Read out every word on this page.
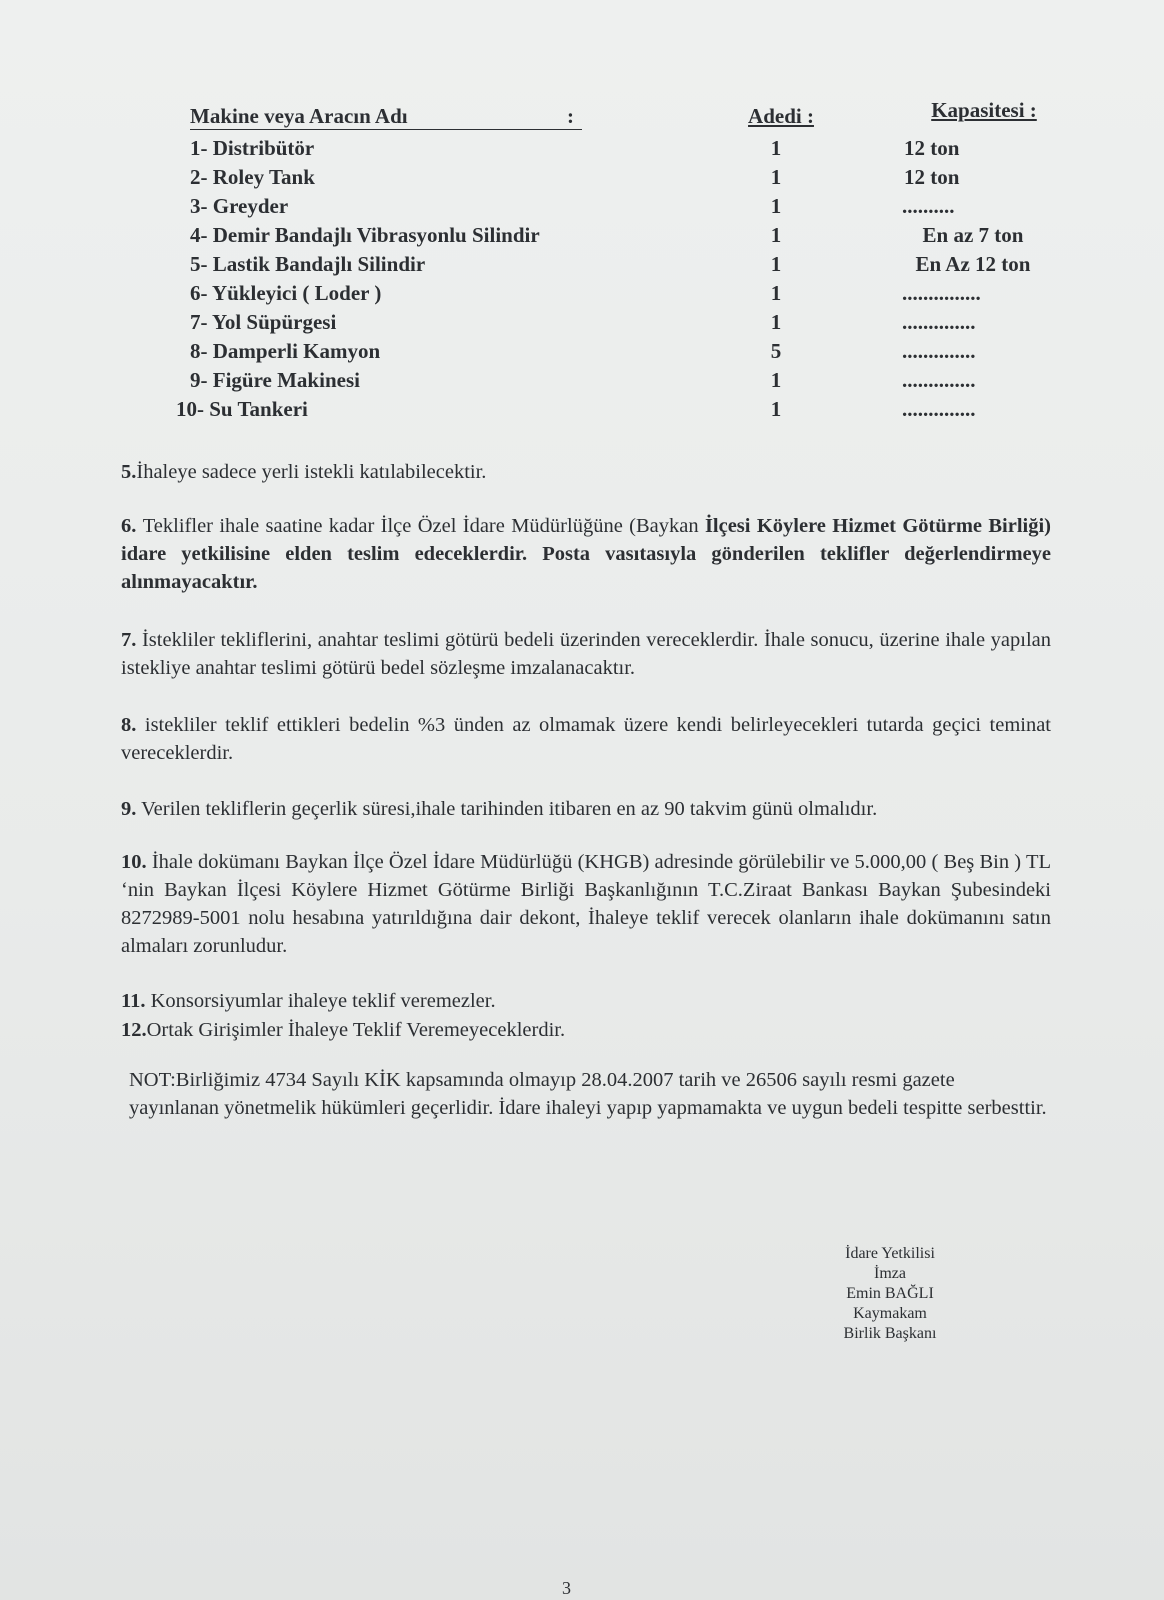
Makine veya Aracın Adı	:	Adedi :	Kapasitesi :
1- Distribütör	1	12 ton
2- Roley Tank	1	12 ton
3- Greyder	1	..........
4- Demir Bandajlı Vibrasyonlu Silindir	1	En az 7 ton
5- Lastik Bandajlı Silindir	1	En Az 12 ton
6- Yükleyici ( Loder )	1	...............
7- Yol Süpürgesi	1	..............
8- Damperli Kamyon	5	..............
9- Figüre Makinesi	1	..............
10- Su Tankeri	1	..............
5.İhaleye sadece yerli istekli katılabilecektir.
6. Teklifler ihale saatine kadar İlçe Özel İdare Müdürlüğüne (Baykan İlçesi Köylere Hizmet Götürme Birliği) idare yetkilisine elden teslim edeceklerdir. Posta vasıtasıyla gönderilen teklifler değerlendirmeye alınmayacaktır.
7. İstekliler tekliflerini, anahtar teslimi götürü bedeli üzerinden vereceklerdir. İhale sonucu, üzerine ihale yapılan istekliye anahtar teslimi götürü bedel sözleşme imzalanacaktır.
8. istekliler teklif ettikleri bedelin %3 ünden az olmamak üzere kendi belirleyecekleri tutarda geçici teminat vereceklerdir.
9. Verilen tekliflerin geçerlik süresi,ihale tarihinden itibaren en az 90 takvim günü olmalıdır.
10. İhale dokümanı Baykan İlçe Özel İdare Müdürlüğü (KHGB) adresinde görülebilir ve 5.000,00 ( Beş Bin ) TL ‘nin Baykan İlçesi Köylere Hizmet Götürme Birliği Başkanlığının T.C.Ziraat Bankası Baykan Şubesindeki 8272989-5001 nolu hesabına yatırıldığına dair dekont, İhaleye teklif verecek olanların ihale dokümanını satın almaları zorunludur.
11. Konsorsiyumlar ihaleye teklif veremezler.
12.Ortak Girişimler İhaleye Teklif Veremeyeceklerdir.
NOT:Birliğimiz 4734 Sayılı KİK kapsamında olmayıp 28.04.2007 tarih ve 26506 sayılı resmi gazete yayınlanan yönetmelik hükümleri geçerlidir. İdare ihaleyi yapıp yapmamakta ve uygun bedeli tespitte serbesttir.
İdare Yetkilisi
İmza
Emin BAĞLI
Kaymakam
Birlik Başkanı
3
